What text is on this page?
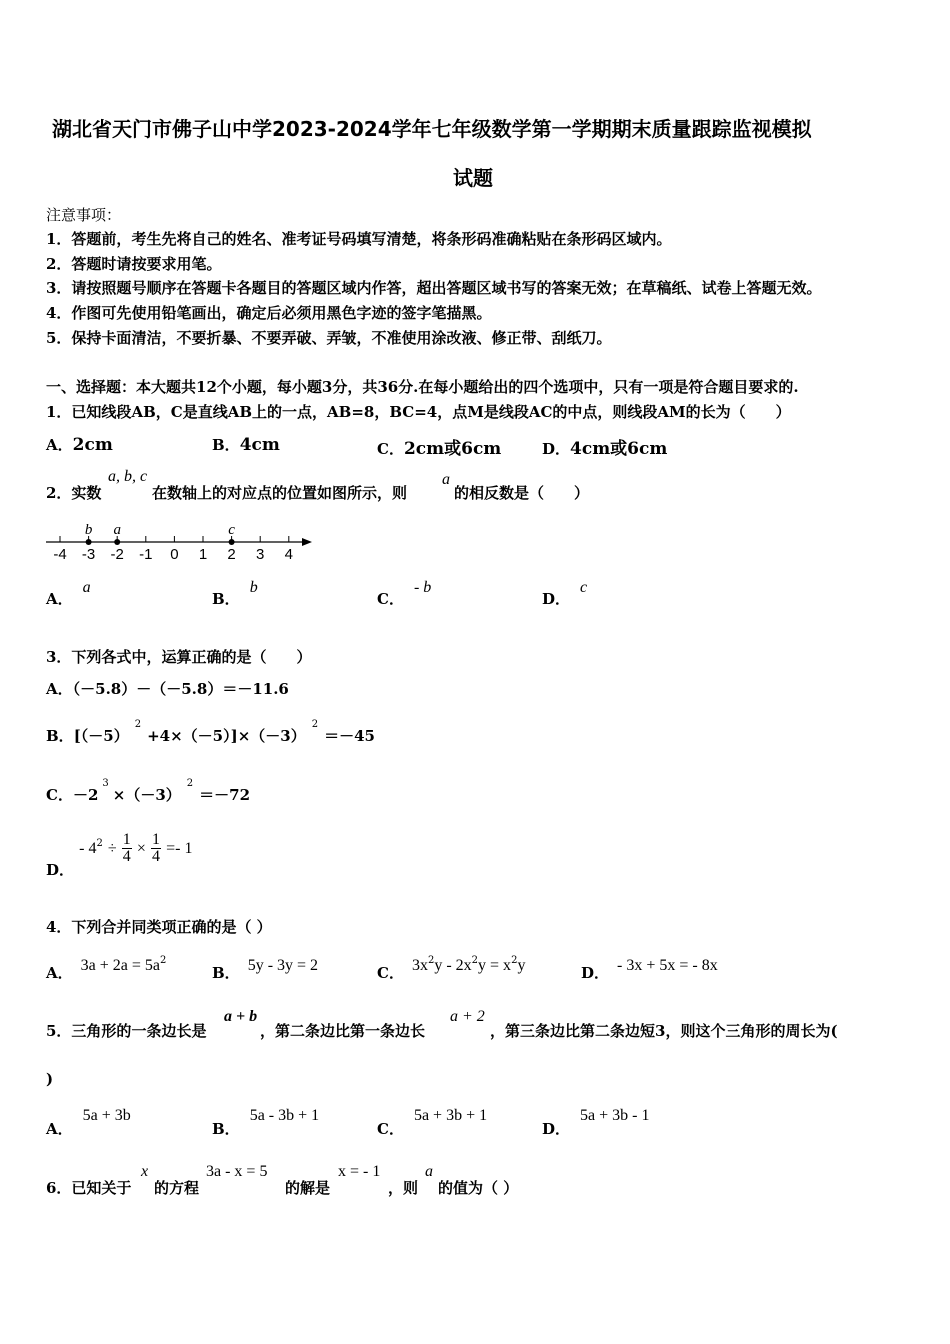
湖北省天门市佛子山中学2023-2024学年七年级数学第一学期期末质量跟踪监视模拟
试题
注意事项：
1．答题前，考生先将自己的姓名、准考证号码填写清楚，将条形码准确粘贴在条形码区域内。
2．答题时请按要求用笔。
3．请按照题号顺序在答题卡各题目的答题区域内作答，超出答题区域书写的答案无效；在草稿纸、试卷上答题无效。
4．作图可先使用铅笔画出，确定后必须用黑色字迹的签字笔描黑。
5．保持卡面清洁，不要折暴、不要弄破、弄皱，不准使用涂改液、修正带、刮纸刀。
一、选择题：本大题共12个小题，每小题3分，共36分.在每小题给出的四个选项中，只有一项是符合题目要求的.
1．已知线段AB，C是直线AB上的一点，AB=8，BC=4，点M是线段AC的中点，则线段AM的长为（　　）
A．2cm	B．4cm	C．2cm或6cm	D．4cm或6cm
2．实数
a, b, c
在数轴上的对应点的位置如图所示，则
a
的相反数是（　　）
-4 -3 -2 -1 0 1 2 3 4
b a	c
A．a
B．b
C．- b
D．c
3．下列各式中，运算正确的是（　　）
A．（－5.8）－（－5.8）＝－11.6
B．$[(-5)^2+4\times(-5)]\times(-3)^2=-45$
C．$-2^3\times(-3)^2=-72$
D． - $4^2 \div \frac{1}{4} \times \frac{1}{4} =- 1$
4．下列合并同类项正确的是（ ）
A． $3a + 2a = 5a^2$
B． 5y - 3y = 2	C． $3x^2y - 2x^2y = x^2y$	D． - 3x + 5x = - 8x
5．三角形的一条边长是
a + b
，第二条边比第一条边长
a + 2
，第三条边比第二条边短3，则这个三角形的周长为(
)
A．5a + 3b
B．5a - 3b + 1
C．5a + 3b + 1
D．5a + 3b - 1
6．已知关于
x
的方程
3a - x = 5
的解是
x = - 1
，则
a
的值为（ ）
